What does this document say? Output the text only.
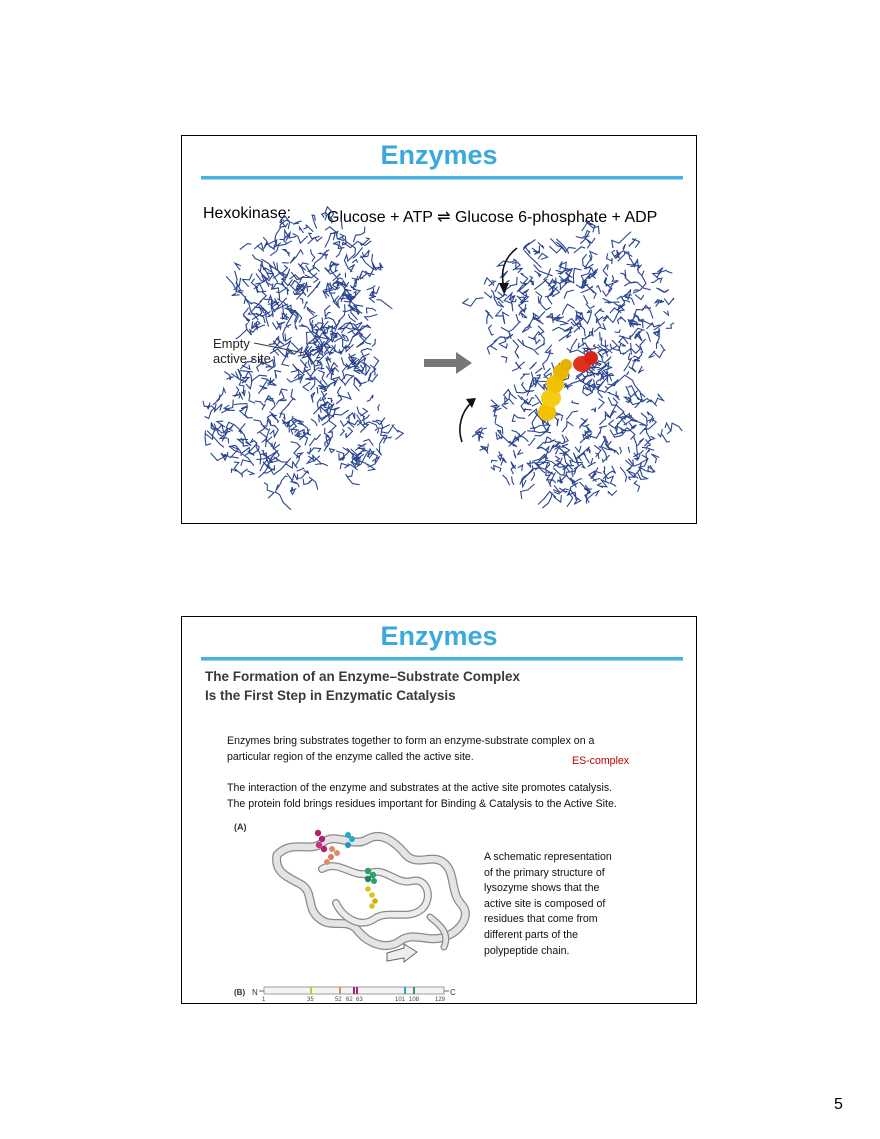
Enzymes
Hexokinase: Glucose + ATP ⇌ Glucose 6-phosphate + ADP
Empty
active site
Enzymes
The Formation of an Enzyme–Substrate Complex
Is the First Step in Enzymatic Catalysis
Enzymes bring substrates together to form an enzyme-substrate complex on a
particular region of the enzyme called the active site.	ES-complex
The interaction of the enzyme and substrates at the active site promotes catalysis.
The protein fold brings residues important for Binding & Catalysis to the Active Site.
A schematic representation
of the primary structure of
lysozyme shows that the
active site is composed of
residues that come from
different parts of the
polypeptide chain.
(A)
(B) N	C
1	35	52 62 63	101 108	129
5
